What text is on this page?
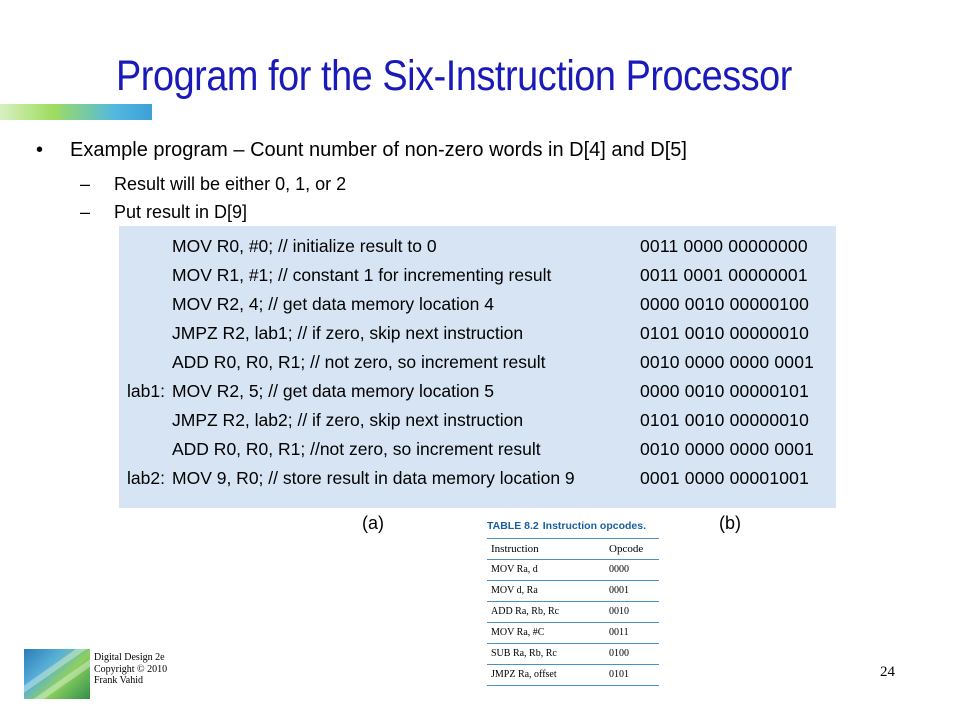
Program for the Six-Instruction Processor
• Example program – Count number of non-zero words in D[4] and D[5]
– Result will be either 0, 1, or 2
– Put result in D[9]
MOV R0, #0; // initialize result to 0	0011 0000 00000000
MOV R1, #1; // constant 1 for incrementing result	0011 0001 00000001
MOV R2, 4; // get data memory location 4	0000 0010 00000100
JMPZ R2, lab1; // if zero, skip next instruction	0101 0010 00000010
ADD R0, R0, R1; // not zero, so increment result	0010 0000 0000 0001
lab1: MOV R2, 5; // get data memory location 5	0000 0010 00000101
JMPZ R2, lab2; // if zero, skip next instruction	0101 0010 00000010
ADD R0, R0, R1; //not zero, so increment result	0010 0000 0000 0001
lab2: MOV 9, R0; // store result in data memory location 9	0001 0000 00001001
(a)	(b)
TABLE 8.2 Instruction opcodes.
Instruction	Opcode
MOV Ra, d	0000
MOV d, Ra	0001
ADD Ra, Rb, Rc	0010
MOV Ra, #C	0011
SUB Ra, Rb, Rc	0100
JMPZ Ra, offset	0101
Digital Design 2e
Copyright © 2010
Frank Vahid
24
